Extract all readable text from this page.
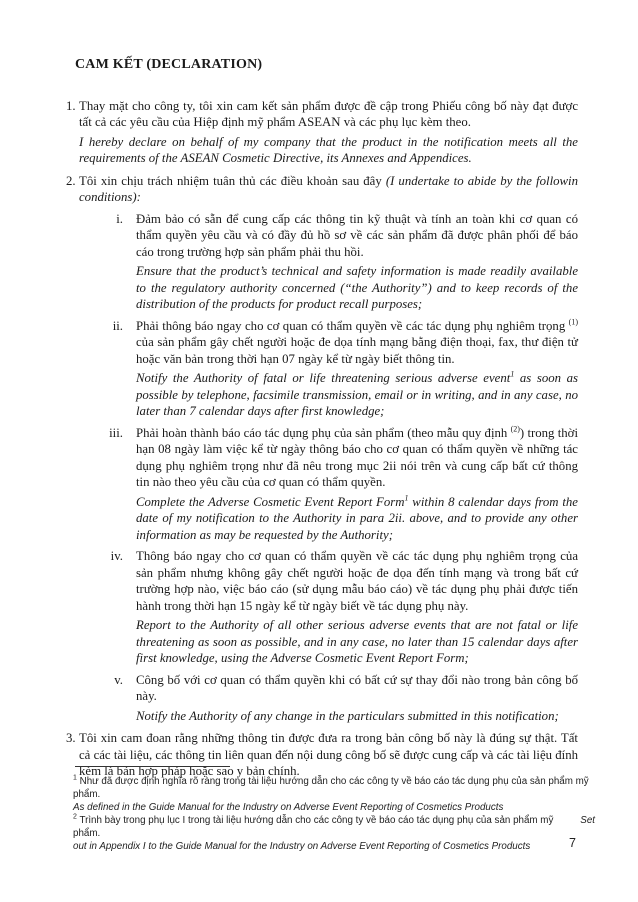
CAM KẾT (DECLARATION)
1. Thay mặt cho công ty, tôi xin cam kết sản phẩm được đề cập trong Phiếu công bố này đạt được tất cả các yêu cầu của Hiệp định mỹ phẩm ASEAN và các phụ lục kèm theo.

I hereby declare on behalf of my company that the product in the notification meets all the requirements of the ASEAN Cosmetic Directive, its Annexes and Appendices.

2. Tôi xin chịu trách nhiệm tuân thủ các điều khoản sau đây (I undertake to abide by the followin conditions):

i. Đảm bảo có sẵn để cung cấp các thông tin kỹ thuật và tính an toàn khi cơ quan có thẩm quyền yêu cầu và có đầy đủ hồ sơ về các sản phẩm đã được phân phối để báo cáo trong trường hợp sản phẩm phải thu hồi.

Ensure that the product’s technical and safety information is made readily available to the regulatory authority concerned (“the Authority”) and to keep records of the distribution of the products for product recall purposes;

ii. Phải thông báo ngay cho cơ quan có thẩm quyền về các tác dụng phụ nghiêm trọng $^{(1)}$ của sản phẩm gây chết người hoặc đe dọa tính mạng bằng điện thoại, fax, thư điện tử hoặc văn bản trong thời hạn 07 ngày kể từ ngày biết thông tin.

Notify the Authority of fatal or life threatening serious adverse event$^1$ as soon as possible by telephone, facsimile transmission, email or in writing, and in any case, no later than 7 calendar days after first knowledge;

iii. Phải hoàn thành báo cáo tác dụng phụ của sản phẩm (theo mẫu quy định $^{(2)}$) trong thời hạn 08 ngày làm việc kể từ ngày thông báo cho cơ quan có thẩm quyền về những tác dụng phụ nghiêm trọng như đã nêu trong mục 2ii nói trên và cung cấp bất cứ thông tin nào theo yêu cầu của cơ quan có thẩm quyền.

Complete the Adverse Cosmetic Event Report Form$^1$ within 8 calendar days from the date of my notification to the Authority in para 2ii. above, and to provide any other information as may be requested by the Authority;

iv. Thông báo ngay cho cơ quan có thẩm quyền về các tác dụng phụ nghiêm trọng của sản phẩm nhưng không gây chết người hoặc đe dọa đến tính mạng và trong bất cứ trường hợp nào, việc báo cáo (sử dụng mẫu báo cáo) về tác dụng phụ phải được tiến hành trong thời hạn 15 ngày kể từ ngày biết về tác dụng phụ này.

Report to the Authority of all other serious adverse events that are not fatal or life threatening as soon as possible, and in any case, no later than 15 calendar days after first knowledge, using the Adverse Cosmetic Event Report Form;

v. Công bố với cơ quan có thẩm quyền khi có bất cứ sự thay đổi nào trong bản công bố này.

Notify the Authority of any change in the particulars submitted in this notification;

3. Tôi xin cam đoan rằng những thông tin được đưa ra trong bản công bố này là đúng sự thật. Tất cả các tài liệu, các thông tin liên quan đến nội dung công bố sẽ được cung cấp và các tài liệu đính kèm là bản hợp pháp hoặc sao y bản chính.

$^1$ Như đã được định nghĩa rõ ràng trong tài liệu hướng dẫn cho các công ty về báo cáo tác dụng phụ của sản phẩm mỹ phẩm.
As defined in the Guide Manual for the Industry on Adverse Event Reporting of Cosmetics Products
$^2$ Trình bày trong phụ lục I trong tài liệu hướng dẫn cho các công ty về báo cáo tác dụng phụ của sản phẩm mỹ phẩm.
Set
out in Appendix I to the Guide Manual for the Industry on Adverse Event Reporting of Cosmetics Products	7
